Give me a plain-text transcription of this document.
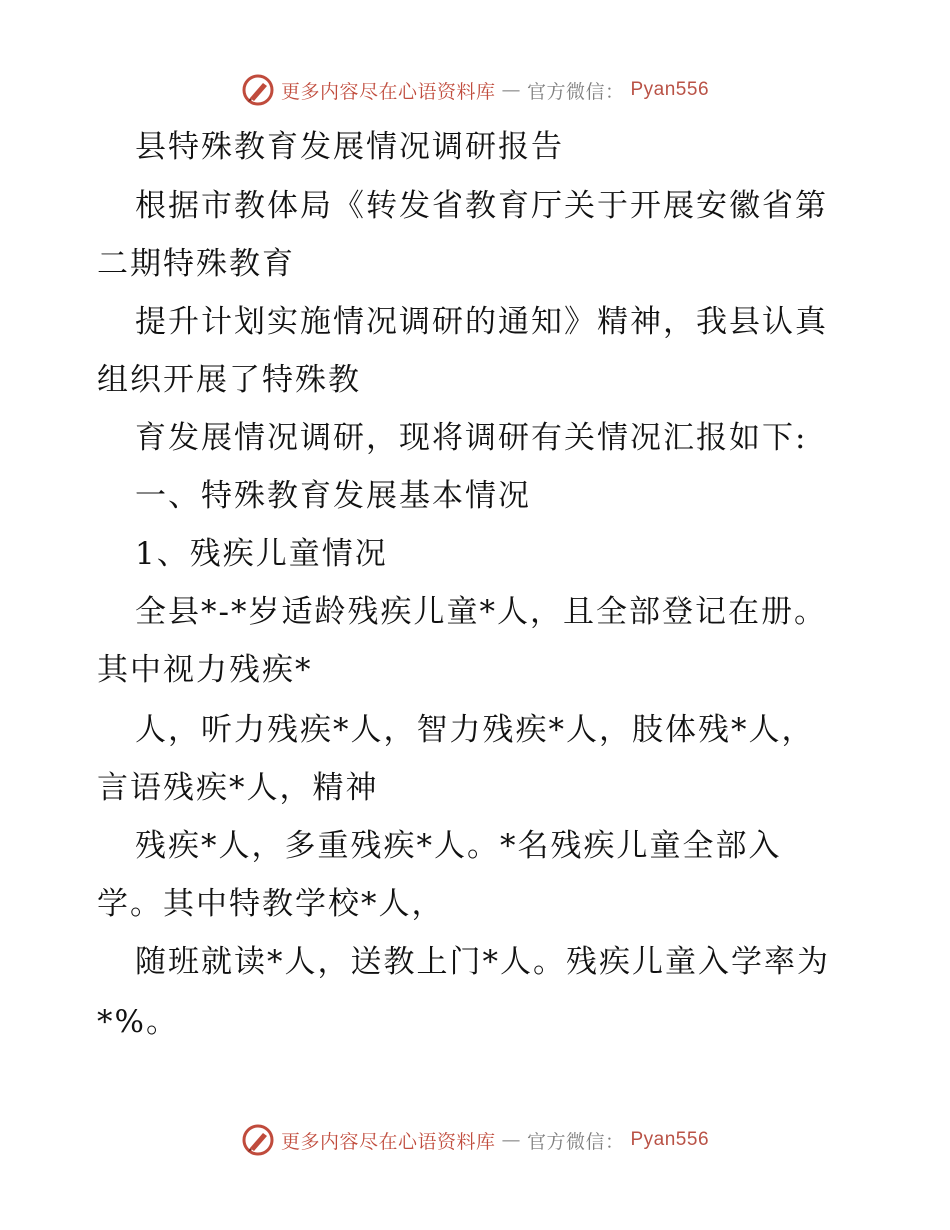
更多内容尽在心语资料库 — 官方微信： Pyan556
县特殊教育发展情况调研报告
根据市教体局《转发省教育厅关于开展安徽省第
二期特殊教育
提升计划实施情况调研的通知》精神，我县认真
组织开展了特殊教
育发展情况调研，现将调研有关情况汇报如下:
一、特殊教育发展基本情况
1、残疾儿童情况
全县*-*岁适龄残疾儿童*人，且全部登记在册。
其中视力残疾*
人，听力残疾*人，智力残疾*人，肢体残*人，
言语残疾*人，精神
残疾*人，多重残疾*人。*名残疾儿童全部入
学。其中特教学校*人，
随班就读*人，送教上门*人。残疾儿童入学率为
*%。
更多内容尽在心语资料库 — 官方微信： Pyan556
